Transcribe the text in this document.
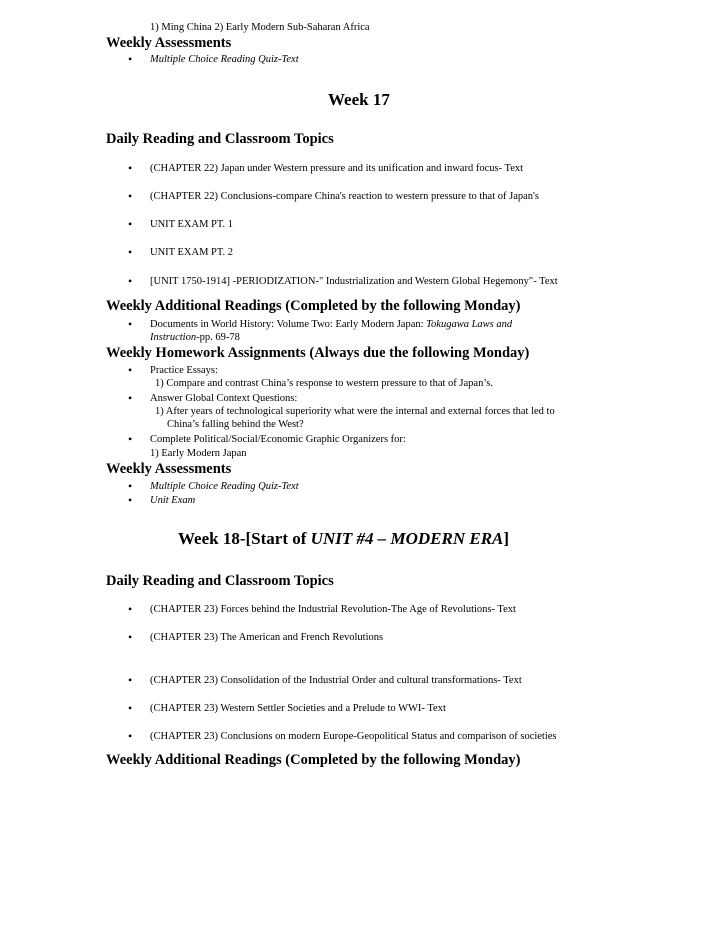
1) Ming China 2) Early Modern Sub-Saharan Africa
Weekly Assessments
• Multiple Choice Reading Quiz-Text
Week 17
Daily Reading and Classroom Topics
• (CHAPTER 22) Japan under Western pressure and its unification and inward focus- Text
• (CHAPTER 22) Conclusions-compare China's reaction to western pressure to that of Japan's
• UNIT EXAM PT. 1
• UNIT EXAM PT. 2
• [UNIT 1750-1914] -PERIODIZATION-" Industrialization and Western Global Hegemony"- Text
Weekly Additional Readings (Completed by the following Monday)
• Documents in World History: Volume Two: Early Modern Japan: Tokugawa Laws and
Instruction-pp. 69-78
Weekly Homework Assignments (Always due the following Monday)
• Practice Essays:
1) Compare and contrast China’s response to western pressure to that of Japan’s.
• Answer Global Context Questions:
1) After years of technological superiority what were the internal and external forces that led to
China’s falling behind the West?
• Complete Political/Social/Economic Graphic Organizers for:
1) Early Modern Japan
Weekly Assessments
• Multiple Choice Reading Quiz-Text
• Unit Exam
Week 18-[Start of UNIT #4 – MODERN ERA]
Daily Reading and Classroom Topics
• (CHAPTER 23) Forces behind the Industrial Revolution-The Age of Revolutions- Text
• (CHAPTER 23) The American and French Revolutions
• (CHAPTER 23) Consolidation of the Industrial Order and cultural transformations- Text
• (CHAPTER 23) Western Settler Societies and a Prelude to WWI- Text
• (CHAPTER 23) Conclusions on modern Europe-Geopolitical Status and comparison of societies
Weekly Additional Readings (Completed by the following Monday)
